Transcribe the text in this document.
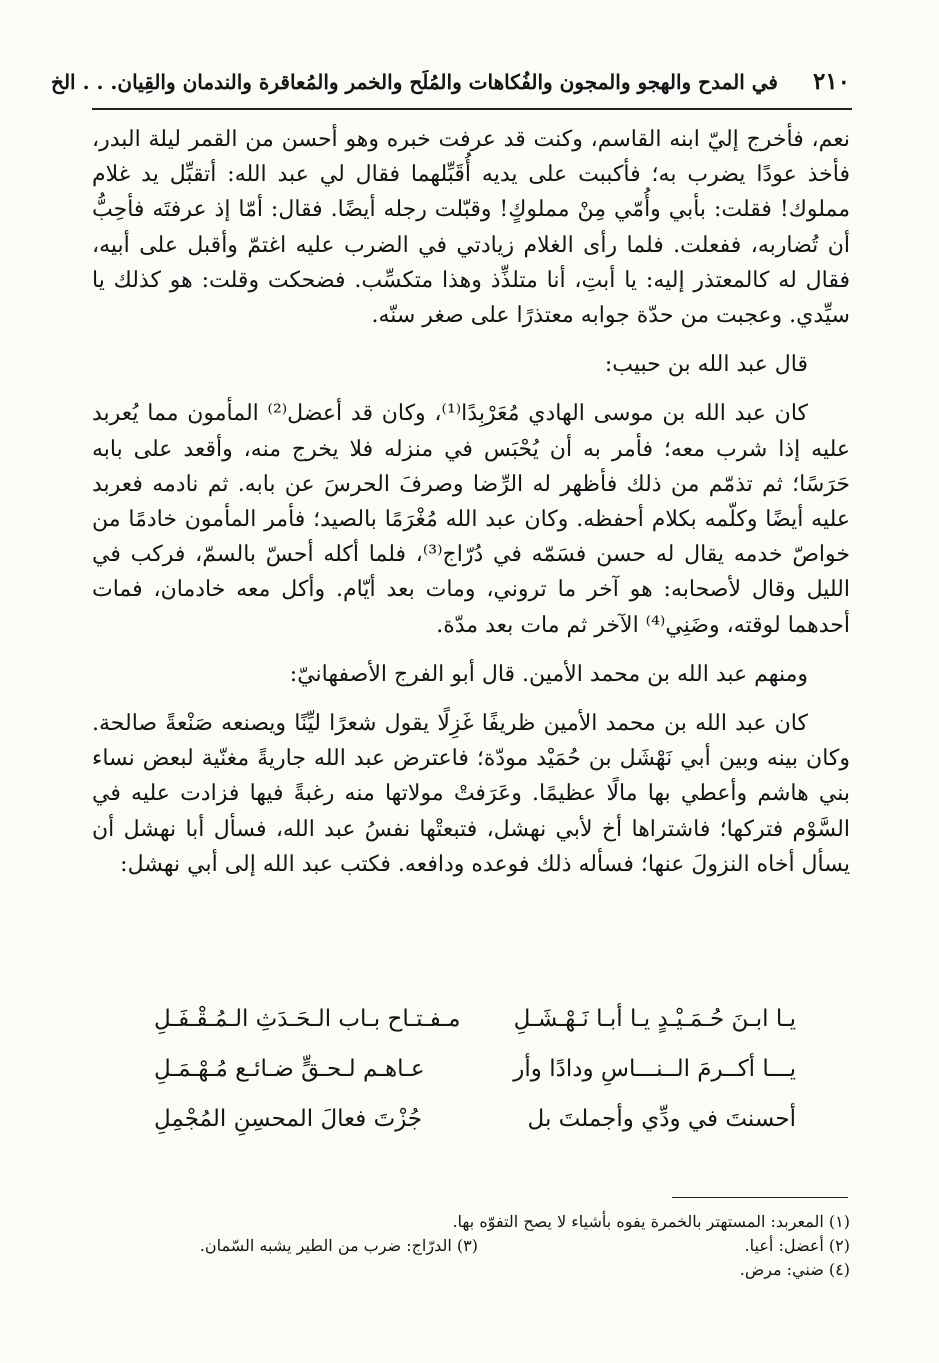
٢١٠
في المدح والهجو والمجون والفُكاهات والمُلَح والخمر والمُعاقرة والندمان والقِيان. . . الخ

نعم، فأخرج إليّ ابنه القاسم، وكنت قد عرفت خبره وهو أحسن من القمر ليلة البدر، فأخذ عودًا يضرب به؛ فأكببت على يديه أُقَبِّلهما فقال لي عبد الله: أتقبِّل يد غلام مملوك! فقلت: بأبي وأُمّي مِنْ مملوكٍ! وقبّلت رجله أيضًا. فقال: أمّا إذ عرفتَه فأحِبُّ أن تُضاربه، ففعلت. فلما رأى الغلام زيادتي في الضرب عليه اغتمّ وأقبل على أبيه، فقال له كالمعتذر إليه: يا أبتِ، أنا متلذِّذ وهذا متكسِّب. فضحكت وقلت: هو كذلك يا سيِّدي. وعجبت من حدّة جوابه معتذرًا على صغر سنّه.

قال عبد الله بن حبيب:

كان عبد الله بن موسى الهادي مُعَرْبِدًا⁽¹⁾، وكان قد أعضل⁽²⁾ المأمون مما يُعربد عليه إذا شرب معه؛ فأمر به أن يُحْبَس في منزله فلا يخرج منه، وأقعد على بابه حَرَسًا؛ ثم تذمّم من ذلك فأظهر له الرِّضا وصرفَ الحرسَ عن بابه. ثم نادمه فعربد عليه أيضًا وكلّمه بكلام أحفظه. وكان عبد الله مُغْرَمًا بالصيد؛ فأمر المأمون خادمًا من خواصّ خدمه يقال له حسن فسَمّه في دُرّاج⁽³⁾، فلما أكله أحسّ بالسمّ، فركب في الليل وقال لأصحابه: هو آخر ما تروني، ومات بعد أيّام. وأكل معه خادمان، فمات أحدهما لوقته، وضَنِي⁽⁴⁾ الآخر ثم مات بعد مدّة.

ومنهم عبد الله بن محمد الأمين. قال أبو الفرج الأصفهانيّ:

كان عبد الله بن محمد الأمين ظريفًا غَزِلًا يقول شعرًا ليِّنًا ويصنعه صَنْعةً صالحة. وكان بينه وبين أبي نَهْشَل بن حُمَيْد مودّة؛ فاعترض عبد الله جاريةً مغنّية لبعض نساء بني هاشم وأعطي بها مالًا عظيمًا. وعَرَفتْ مولاتها منه رغبةً فيها فزادت عليه في السَّوْم فتركها؛ فاشتراها أخ لأبي نهشل، فتبعتْها نفسُ عبد الله، فسأل أبا نهشل أن يسأل أخاه النزولَ عنها؛ فسأله ذلك فوعده ودافعه. فكتب عبد الله إلى أبي نهشل:

يـا ابـنَ حُـمَـيْـدٍ يـا أبـا نَـهْـشَـلِ
مـفـتـاح بـاب الـحَـدَثِ الـمُـقْـفَـلِ
يـــا أكــرمَ الــنـــاسِ ودادًا وأر
عـاهـم لـحـقٍّ ضـائـع مُـهْـمَـلِ
أحسنتَ في ودِّي وأجملتَ بل
جُزْتَ فعالَ المحسِنِ المُجْمِلِ
(١) المعربد: المستهتر بالخمرة يفوه بأشياء لا يصح التفوّه بها.
(٢) أعضل: أعيا.
(٣) الدرّاج: ضرب من الطير يشبه السّمان.
(٤) ضني: مرض.
